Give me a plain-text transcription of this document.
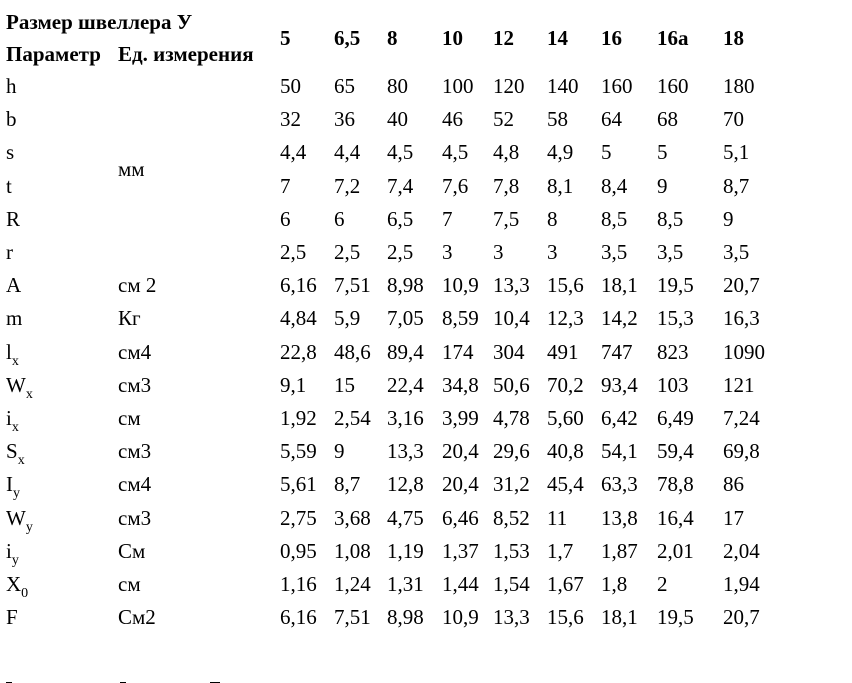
Размер швеллера У		5	6,5	8	10	12	14	16	16а	18
Параметр	Ед. измерения									
h	мм	50	65	80	100	120	140	160	160	180
b		32	36	40	46	52	58	64	68	70
s		4,4	4,4	4,5	4,5	4,8	4,9	5	5	5,1
t		7	7,2	7,4	7,6	7,8	8,1	8,4	9	8,7
R		6	6	6,5	7	7,5	8	8,5	8,5	9
r		2,5	2,5	2,5	3	3	3	3,5	3,5	3,5
A	см 2	6,16	7,51	8,98	10,9	13,3	15,6	18,1	19,5	20,7
m	Кг	4,84	5,9	7,05	8,59	10,4	12,3	14,2	15,3	16,3
$l_x$	см4	22,8	48,6	89,4	174	304	491	747	823	1090
$W_x$	см3	9,1	15	22,4	34,8	50,6	70,2	93,4	103	121
$i_x$	см	1,92	2,54	3,16	3,99	4,78	5,60	6,42	6,49	7,24
$S_x$	см3	5,59	9	13,3	20,4	29,6	40,8	54,1	59,4	69,8
$I_y$	см4	5,61	8,7	12,8	20,4	31,2	45,4	63,3	78,8	86
$W_y$	см3	2,75	3,68	4,75	6,46	8,52	11	13,8	16,4	17
$i_y$	См	0,95	1,08	1,19	1,37	1,53	1,7	1,87	2,01	2,04
$X_0$	см	1,16	1,24	1,31	1,44	1,54	1,67	1,8	2	1,94
F	См2	6,16	7,51	8,98	10,9	13,3	15,6	18,1	19,5	20,7
